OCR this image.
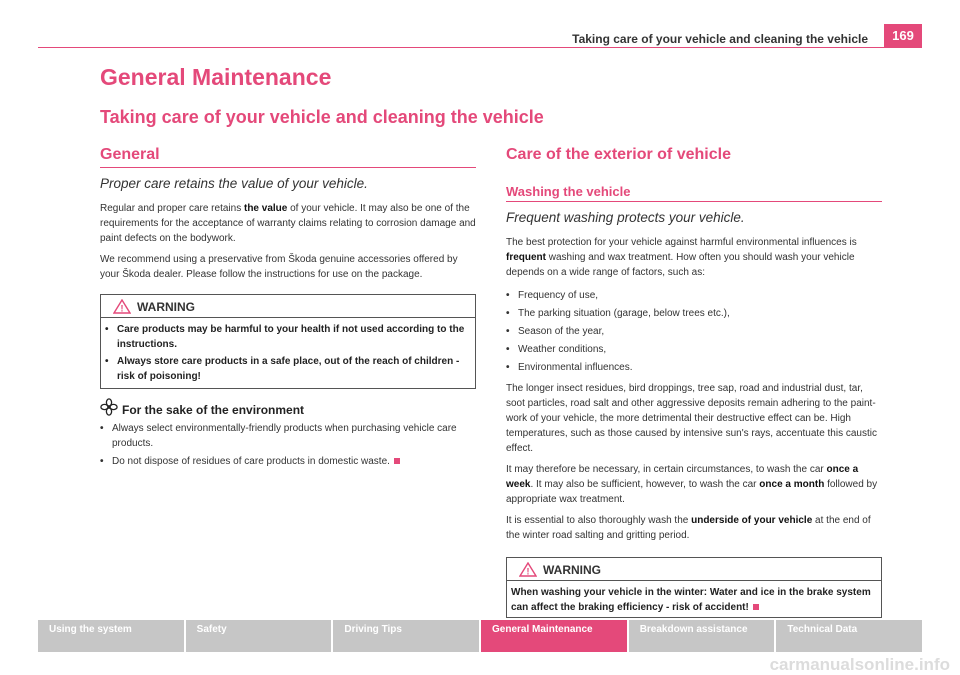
Taking care of your vehicle and cleaning the vehicle	169
General Maintenance
Taking care of your vehicle and cleaning the vehicle
General
Proper care retains the value of your vehicle.

Regular and proper care retains the value of your vehicle. It may also be one of the requirements for the acceptance of warranty claims relating to corrosion damage and paint defects on the bodywork.

We recommend using a preservative from Škoda genuine accessories offered by your Škoda dealer. Please follow the instructions for use on the package.

! WARNING
• Care products may be harmful to your health if not used according to the instructions.
• Always store care products in a safe place, out of the reach of children - risk of poisoning!
For the sake of the environment
• Always select environmentally-friendly products when purchasing vehicle care products.
• Do not dispose of residues of care products in domestic waste.
Care of the exterior of vehicle
Washing the vehicle
Frequent washing protects your vehicle.

The best protection for your vehicle against harmful environmental influences is frequent washing and wax treatment. How often you should wash your vehicle depends on a wide range of factors, such as:

• Frequency of use,
• The parking situation (garage, below trees etc.),
• Season of the year,
• Weather conditions,
• Environmental influences.

The longer insect residues, bird droppings, tree sap, road and industrial dust, tar, soot particles, road salt and other aggressive deposits remain adhering to the paint-work of your vehicle, the more detrimental their destructive effect can be. High temperatures, such as those caused by intensive sun's rays, accentuate this caustic effect.

It may therefore be necessary, in certain circumstances, to wash the car once a week. It may also be sufficient, however, to wash the car once a month followed by appropriate wax treatment.

It is essential to also thoroughly wash the underside of your vehicle at the end of the winter road salting and gritting period.

! WARNING
When washing your vehicle in the winter: Water and ice in the brake system can affect the braking efficiency - risk of accident!
Using the system	Safety	Driving Tips	General Maintenance	Breakdown assistance	Technical Data
carmanualsonline.info
